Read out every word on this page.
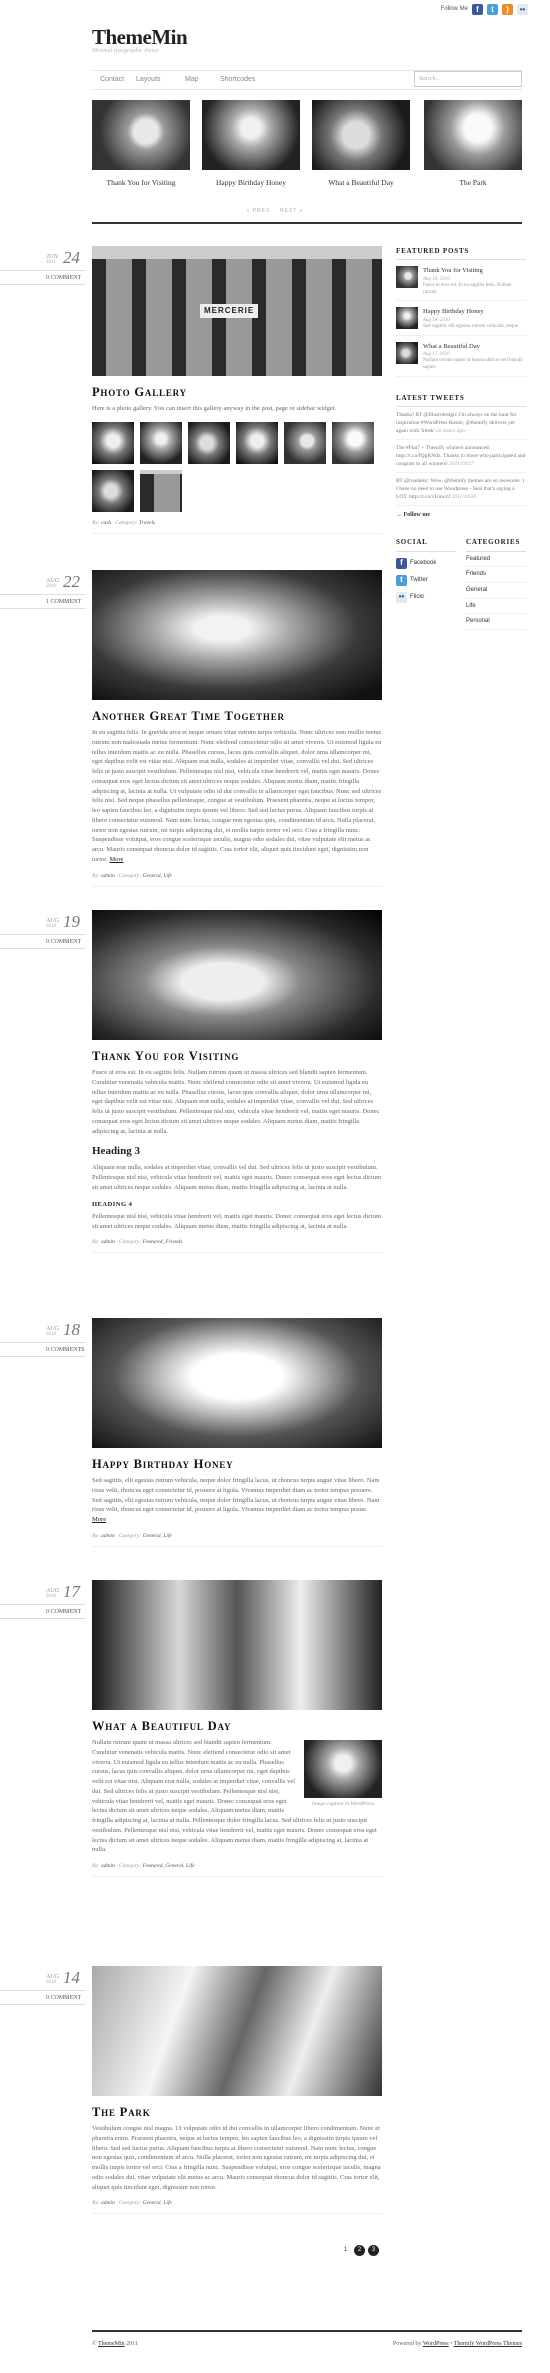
Follow Me	f	t	)	••
ThemeMin
Minimal typographic theme
Contact Layouts	Map	Shortcodes	Search...
Thank You for Visiting	Happy Birthday Honey	What a Beautiful Day	The Park
« PREV NEXT »
JUN
2011 24
0 COMMENT
MERCERIE
Photo Gallery
Here is a photo gallery. You can insert this gallery anyway in the post, page or sidebar widget.
By: cash Category: Travels
FEATURED POSTS
Thank You for Visiting
Aug 19, 2010
Fusce ut eros est. In eu sagittis felis. Nullam rutrum
Happy Birthday Honey
Aug 18, 2010
Sed sagittis, elit egestas rutrum vehicula, neque
What a Beautiful Day
Aug 17, 2010
Nullam rutrum quam ut massa ultrices sed blandit sapien
LATEST TWEETS
Thanks! RT @Illustrdesign: I'm always on the hunt for inspiration #WordPress Roster, @themify delivers yet again with 'Sleek' an hours ago
The #Flat7 + Themify winners announced: http://t.co/fQgKNdz. Thanks to those who participated and congrats to all winners! 2011/10/27
RT @roadaisy: Wow, @themify themes are so awesome :) I have no need to use Woodpress - Seal that's saying a LOT. http://t.co/vUnw2J 2011/10/26
→ Follow me
SOCIAL
f	Facebook
t	Twitter
•• Flickr
CATEGORIES
Featured
Friends
General
Life
Personal
AUG
2010 22
1 COMMENT
Another Great Time Together
In eu sagittis felis. In gravida arcu et neque ornare vitae rutrum turpis vehicula. Nunc ultrices sem mollis metus rutrum non malesuada metus fermentum. Nunc eleifend consectetur odio sit amet viverra. Ut euismod ligula eu tellus interdum mattis ac eu nulla. Phasellus cursus, lacus quis convallis aliquet, dolor urna ullamcorper mi, eget dapibus velit est vitae nisi. Aliquam erat nulla, sodales at imperdiet vitae, convallis vel dui. Sed ultrices felis ut justo suscipit vestibulum. Pellentesque nisl nisi, vehicula vitae hendrerit vel, mattis eget mauris. Donec consequat eros eget lectus dictum sit amet ultrices neque sodales. Aliquam metus diam, mattis fringilla adipiscing at, lacinia at nulla. Ut vulputate odio id dui convallis in ullamcorper eget faucibus. Nunc sed ultrices felis nisi. Sed neque phasellus pellentesque, congue at vestibulum. Praesent pharetra, neque at luctus tempor, leo sapien faucibus leo, a dignissim turpis ipsum vel libero. Sed sed luctus purus. Aliquam faucibus turpis at libero consectetur euismod. Nam nunc lectus, congue non egestas quis, condimentum id arcu. Nulla placerat, tortor non egestas rutrum, mi turpis adipiscing dui, et mollis turpis tortor vel orci. Cras a fringilla nunc. Suspendisse volutpat, eros congue scelerisque iaculis, magna odio sodales dui, vitae vulputate elit metus ac arcu. Mauris consequat rhoncus dolor id sagittis. Cras tortor elit, aliquet quis tincidunt eget, dignissim non tortor. More
By: admin Category: General, Life
AUG
2010 19
0 COMMENT
Thank You for Visiting
Fusce ut eros est. In eu sagittis felis. Nullam rutrum quam ut massa ultrices sed blandit sapien fermentum. Curabitur venenatis vehicula mattis. Nunc eleifend consectetur odio sit amet viverra. Ut euismod ligula eu tellus interdum mattis ac eu nulla. Phasellus cursus, lacus quis convallis aliquet, dolor urna ullamcorper mi, eget dapibus velit est vitae nisi. Aliquam erat nulla, sodales at imperdiet vitae, convallis vel dui. Sed ultrices felis ut justo suscipit vestibulum. Pellentesque nisl nisi, vehicula vitae hendrerit vel, mattis eget mauris. Donec consequat eros eget lectus dictum sit amet ultrices neque sodales. Aliquam metus diam, mattis fringilla adipiscing at, lacinia at nulla.
Heading 3
Aliquam erat nulla, sodales at imperdiet vitae, convallis vel dui. Sed ultrices felis ut justo suscipit vestibulum. Pellentesque nisl nisi, vehicula vitae hendrerit vel, mattis eget mauris. Donec consequat eros eget lectus dictum sit amet ultrices neque sodales. Aliquam metus diam, mattis fringilla adipiscing at, lacinia at nulla.
HEADING 4
Pellentesque nisl nisi, vehicula vitae hendrerit vel, mattis eget mauris. Donec consequat eros eget lectus dictum sit amet ultrices neque sodales. Aliquam metus diam, mattis fringilla adipiscing at, lacinia at nulla.
By: admin Category: Featured, Friends
AUG
2010 18
0 COMMENTS
Happy Birthday Honey
Sed sagittis, elit egestas rutrum vehicula, neque dolor fringilla lacus, ut rhoncus turpis augue vitae libero. Nam risus velit, rhoncus eget consectetur id, posuere at ligula. Vivamus imperdiet diam ac tortor tempus posuere. Sed sagittis, elit egestas rutrum vehicula, neque dolor fringilla lacus, ut rhoncus turpis augue vitae libero. Nam risus velit, rhoncus eget consectetur id, posuere at ligula. Vivamus imperdiet diam ac tortor tempus posue. More
By: admin Category: General, Life
AUG
2010 17
0 COMMENT
What a Beautiful Day
Image caption in WordPress
Nullam rutrum quam ut massa ultrices sed blandit sapien fermentum. Curabitur venenatis vehicula mattis. Nunc eleifend consectetur odio sit amet viverra. Ut euismod ligula eu tellus interdum mattis ac eu nulla. Phasellus cursus, lacus quis convallis aliquet, dolor urna ullamcorper mi, eget dapibus velit est vitae nisi. Aliquam erat nulla, sodales at imperdiet vitae, convallis vel dui. Sed ultrices felis ut justo suscipit vestibulum. Pellentesque nisl nisi, vehicula vitae hendrerit vel, mattis eget mauris. Donec consequat eros eget lectus dictum sit amet ultrices neque sodales. Aliquam metus diam, mattis fringilla adipiscing at, lacinia at nulla. Pellentesque dolor fringilla lacus. Sed ultrices felis ut justo suscipit vestibulum. Pellentesque nisl nisi, vehicula vitae hendrerit vel, mattis eget mauris. Donec consequat eros eget lectus dictum sit amet ultrices neque sodales. Aliquam metus diam, mattis fringilla adipiscing at, lacinia at nulla.
By: admin Category: Featured, General, Life
AUG
2010 14
0 COMMENT
The Park
Vestibulum congue nisl magna. Ut vulputate odio id dui convallis in ullamcorper libero condimentum. Nunc et pharetra enim. Praesent pharetra, neque at luctus tempor, leo sapien faucibus leo, a dignissim turpis ipsum vel libero. Sed sed luctus purus. Aliquam faucibus turpis at libero consectetur euismod. Nam nunc lectus, congue non egestas quis, condimentum id arcu. Nulla placerat, tortor non egestas rutrum, mi turpis adipiscing dui, et mollis turpis tortor vel orci. Cras a fringilla nunc. Suspendisse volutpat, eros congue scelerisque iaculis, magna odio sodales dui, vitae vulputate elit metus ac arcu. Mauris consequat rhoncus dolor id sagittis. Cras tortor elit, aliquet quis tincidunt eget, dignissim non tortor.
By: admin Category: General, Life
1	2	3
© ThemeMin 2011	Powered by WordPress • Themify WordPress Themes
